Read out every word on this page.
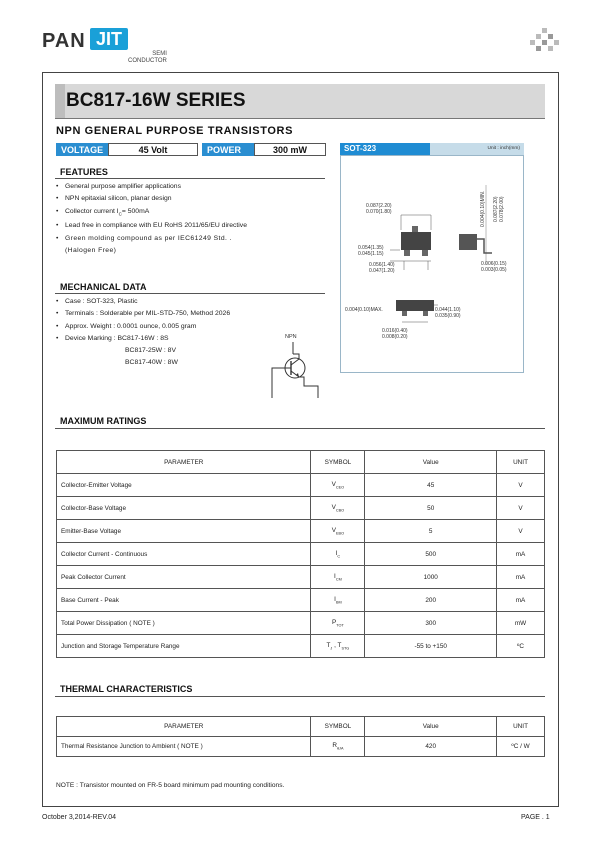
PAN JIT
SEMI
CONDUCTOR
BC817-16W SERIES
NPN GENERAL PURPOSE TRANSISTORS
VOLTAGE	45 Volt	POWER	300 mW	SOT-323	Unit : inch(mm)
0.087(2.20)
0.070(1.80)
0.054(1.35)
0.045(1.15)
0.056(1.40)
0.047(1.20)
0.004(0.10)MIN. 0.087(2.20) 0.078(2.00)
0.006(0.15)
0.003(0.05)
0.004(0.10)MAX.	0.044(1.10)
0.035(0.90)
0.016(0.40)
0.008(0.20)
FEATURES
• General purpose amplifier applications
• NPN epitaxial silicon, planar design
• Collector current $I_C= 500mA$
• Lead free in compliance with EU RoHS 2011/65/EU directive
• Green molding compound as per IEC61249 Std. .
(Halogen Free)
MECHANICAL DATA
• Case : SOT-323, Plastic
• Terminals : Solderable per MIL-STD-750, Method 2026
• Approx. Weight : 0.0001 ounce, 0.005 gram
• Device Marking : BC817-16W : 8S
BC817-25W : 8V
BC817-40W : 8W
NPN
MAXIMUM RATINGS
PARAMETER	SYMBOL	Value	UNIT
Collector-Emitter Voltage	$V_{CEO}$	45	V
Collector-Base Voltage	$V_{CBO}$	50	V
Emitter-Base Voltage	$V_{EBO}$	5	V
Collector Current - Continuous	$I_C$	500	mA
Peak Collector Current	$I_{CM}$	1000	mA
Base Current - Peak	$I_{BM}$	200	mA
Total Power Dissipation ( NOTE )	$P_{TOT}$	300	mW
Junction and Storage Temperature Range	$T_J$ , $T_{STG}$	-55 to +150	ºC
THERMAL CHARACTERISTICS
PARAMETER	SYMBOL	Value	UNIT
Thermal Resistance Junction to Ambient ( NOTE )	$R_{\theta JA}$	420	ºC / W
NOTE : Transistor mounted on FR-5 board minimum pad mounting conditions.
October 3,2014-REV.04	PAGE . 1
